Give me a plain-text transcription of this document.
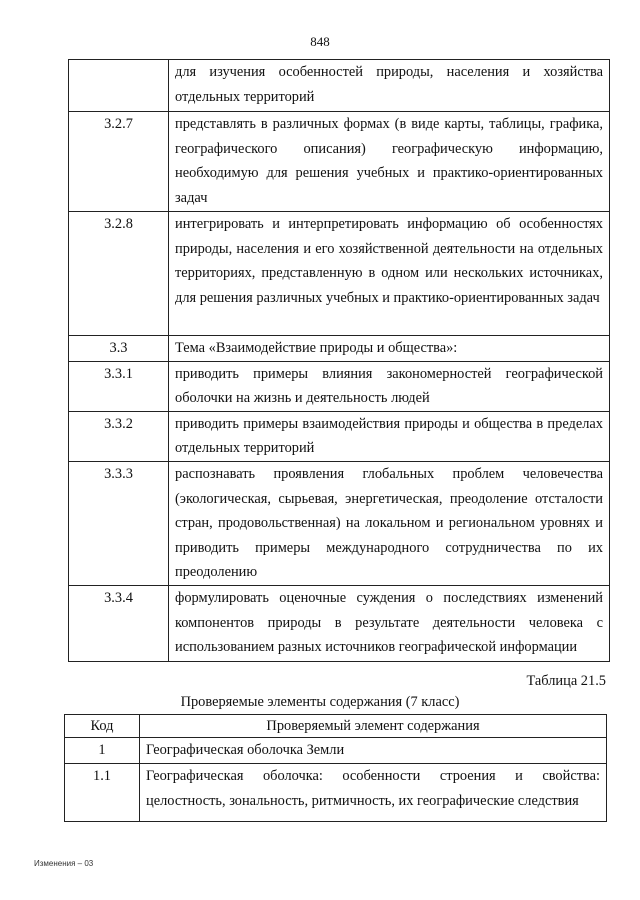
848
	для изучения особенностей природы, населения и хозяйства отдельных территорий
3.2.7	представлять в различных формах (в виде карты, таблицы, графика, географического описания) географическую информацию, необходимую для решения учебных и практико-ориентированных задач
3.2.8	интегрировать и интерпретировать информацию об особенностях природы, населения и его хозяйственной деятельности на отдельных территориях, представленную в одном или нескольких источниках, для решения различных учебных и практико-ориентированных задач
3.3	Тема «Взаимодействие природы и общества»:
3.3.1	приводить примеры влияния закономерностей географической оболочки на жизнь и деятельность людей
3.3.2	приводить примеры взаимодействия природы и общества в пределах отдельных территорий
3.3.3	распознавать проявления глобальных проблем человечества (экологическая, сырьевая, энергетическая, преодоление отсталости стран, продовольственная) на локальном и региональном уровнях и приводить примеры международного сотрудничества по их преодолению
3.3.4	формулировать оценочные суждения о последствиях изменений компонентов природы в результате деятельности человека с использованием разных источников географической информации
Таблица 21.5
Проверяемые элементы содержания (7 класс)
Код	Проверяемый элемент содержания
1	Географическая оболочка Земли
1.1	Географическая оболочка: особенности строения и свойства: целостность, зональность, ритмичность, их географические следствия
Изменения – 03
